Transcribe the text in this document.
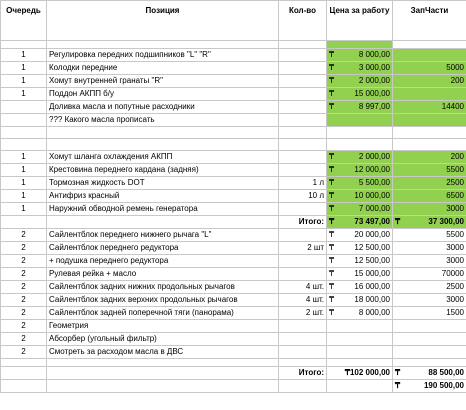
Очередь	Позиция	Кол-во	Цена за работу	ЗапЧасти

1	Регулировка передних подшипников "L" "R"		₸ 8 000,00	
1	Колодки передние		₸ 3 000,00	5000
1	Хомут внутренней гранаты "R"		₸ 2 000,00	200
1	Поддон АКПП б/у		₸ 15 000,00	
	Доливка масла и попутные расходники		₸ 8 997,00	14400
	??? Какого масла прописать			

1	Хомут шланга охлаждения АКПП		₸ 2 000,00	200
1	Крестовина переднего кардана (задняя)		₸ 12 000,00	5500
1	Тормозная жидкость DOT	1 л	₸ 5 500,00	2500
1	Антифриз красный	10 л	₸ 10 000,00	6500
1	Наружний обводной ремень генератора		₸ 7 000,00	3000
		Итого:	₸ 73 497,00	₸ 37 300,00
2	Сайлентблок переднего нижнего рычага "L"		₸ 20 000,00	5500
2	Сайлентблок переднего редуктора	2 шт	₸ 12 500,00	3000
2	+ подушка переднего редуктора		₸ 12 500,00	3000
2	Рулевая рейка + масло		₸ 15 000,00	70000
2	Сайлентблок задних нижних продольных рычагов	4 шт.	₸ 16 000,00	2500
2	Сайлентблок задних верхних продольных рычагов	4 шт.	₸ 18 000,00	3000
2	Сайлентблок задней поперечной тяги (панорама)	2 шт.	₸ 8 000,00	1500
2	Геометрия			
2	Абсорбер (угольный фильтр)			
2	Смотреть за расходом масла в ДВС			

		Итого:	₸102 000,00	₸ 88 500,00

				₸ 190 500,00
